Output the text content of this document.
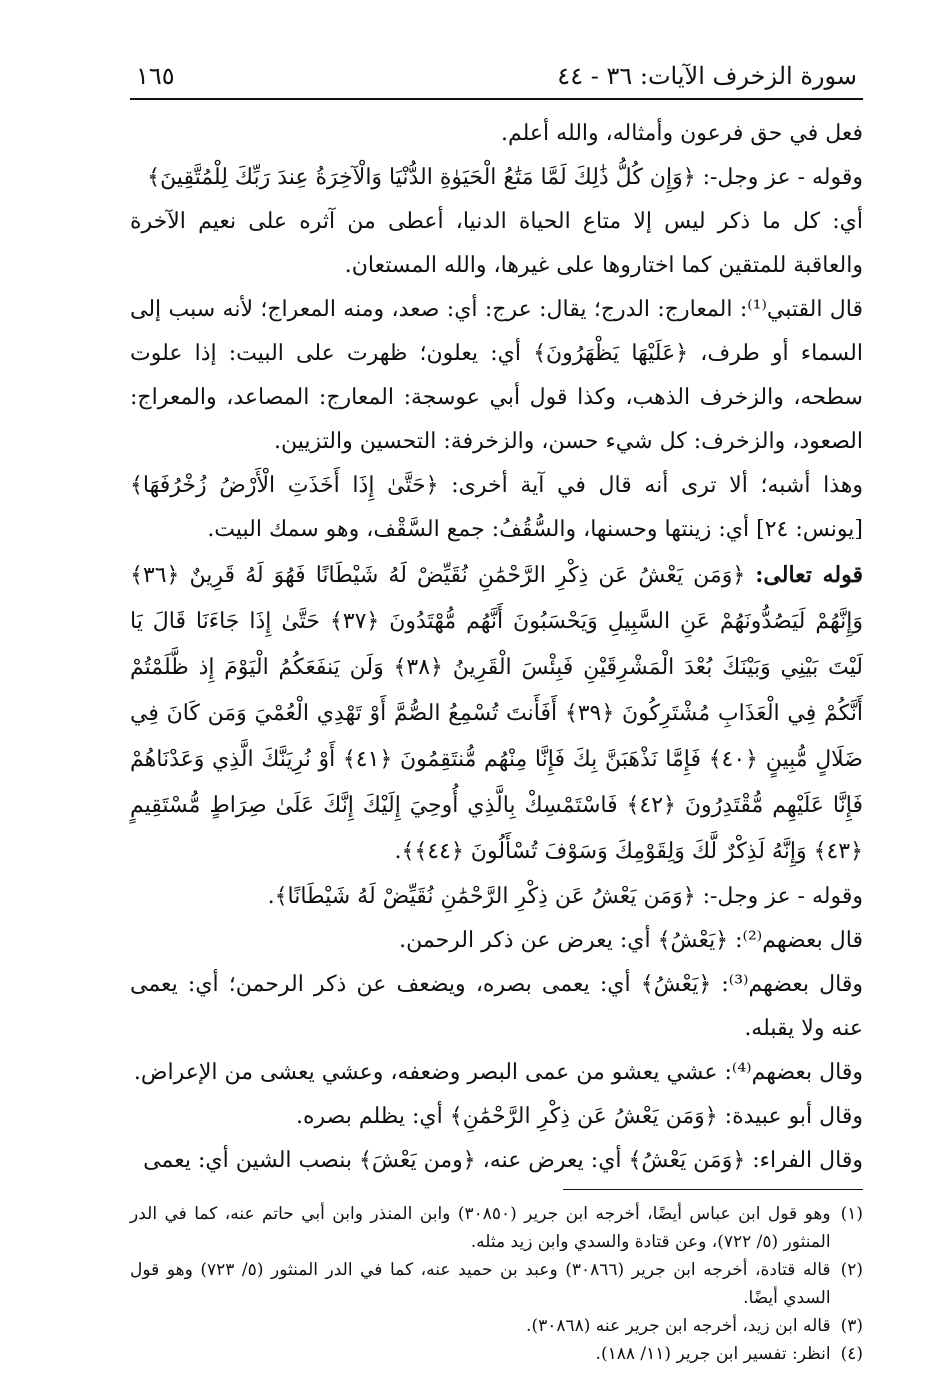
سورة الزخرف الآيات: ٣٦ - ٤٤
١٦٥

فعل في حق فرعون وأمثاله، والله أعلم.

وقوله - عز وجل-: ﴿وَإِن كُلُّ ذَٰلِكَ لَمَّا مَتَٰعُ الْحَيَوٰةِ الدُّنْيَا وَالْآخِرَةُ عِندَ رَبِّكَ لِلْمُتَّقِينَ﴾

أي: كل ما ذكر ليس إلا متاع الحياة الدنيا، أعطى من آثره على نعيم الآخرة والعاقبة للمتقين كما اختاروها على غيرها، والله المستعان.

قال القتبي⁽¹⁾: المعارج: الدرج؛ يقال: عرج: أي: صعد، ومنه المعراج؛ لأنه سبب إلى السماء أو طرف، ﴿عَلَيْهَا يَظْهَرُونَ﴾ أي: يعلون؛ ظهرت على البيت: إذا علوت سطحه، والزخرف الذهب، وكذا قول أبي عوسجة: المعارج: المصاعد، والمعراج: الصعود، والزخرف: كل شيء حسن، والزخرفة: التحسين والتزيين.

وهذا أشبه؛ ألا ترى أنه قال في آية أخرى: ﴿حَتَّىٰ إِذَا أَخَذَتِ الْأَرْضُ زُخْرُفَهَا﴾ [يونس: ٢٤] أي: زينتها وحسنها، والسُّقُفُ: جمع السَّقْف، وهو سمك البيت.

قوله تعالى: ﴿وَمَن يَعْشُ عَن ذِكْرِ الرَّحْمَٰنِ نُقَيِّضْ لَهُ شَيْطَانًا فَهُوَ لَهُ قَرِينٌ ﴿٣٦﴾ وَإِنَّهُمْ لَيَصُدُّونَهُمْ عَنِ السَّبِيلِ وَيَحْسَبُونَ أَنَّهُم مُّهْتَدُونَ ﴿٣٧﴾ حَتَّىٰ إِذَا جَاءَنَا قَالَ يَا لَيْتَ بَيْنِي وَبَيْنَكَ بُعْدَ الْمَشْرِقَيْنِ فَبِئْسَ الْقَرِينُ ﴿٣٨﴾ وَلَن يَنفَعَكُمُ الْيَوْمَ إِذ ظَّلَمْتُمْ أَنَّكُمْ فِي الْعَذَابِ مُشْتَرِكُونَ ﴿٣٩﴾ أَفَأَنتَ تُسْمِعُ الصُّمَّ أَوْ تَهْدِي الْعُمْيَ وَمَن كَانَ فِي ضَلَالٍ مُّبِينٍ ﴿٤٠﴾ فَإِمَّا نَذْهَبَنَّ بِكَ فَإِنَّا مِنْهُم مُّنتَقِمُونَ ﴿٤١﴾ أَوْ نُرِيَنَّكَ الَّذِي وَعَدْنَاهُمْ فَإِنَّا عَلَيْهِم مُّقْتَدِرُونَ ﴿٤٢﴾ فَاسْتَمْسِكْ بِالَّذِي أُوحِيَ إِلَيْكَ إِنَّكَ عَلَىٰ صِرَاطٍ مُّسْتَقِيمٍ ﴿٤٣﴾ وَإِنَّهُ لَذِكْرٌ لَّكَ وَلِقَوْمِكَ وَسَوْفَ تُسْأَلُونَ ﴿٤٤﴾﴾.

وقوله - عز وجل-: ﴿وَمَن يَعْشُ عَن ذِكْرِ الرَّحْمَٰنِ نُقَيِّضْ لَهُ شَيْطَانًا﴾.

قال بعضهم⁽²⁾: ﴿يَعْشُ﴾ أي: يعرض عن ذكر الرحمن.

وقال بعضهم⁽³⁾: ﴿يَعْشُ﴾ أي: يعمى بصره، ويضعف عن ذكر الرحمن؛ أي: يعمى عنه ولا يقبله.

وقال بعضهم⁽⁴⁾: عشي يعشو من عمى البصر وضعفه، وعشي يعشى من الإعراض.

وقال أبو عبيدة: ﴿وَمَن يَعْشُ عَن ذِكْرِ الرَّحْمَٰنِ﴾ أي: يظلم بصره.

وقال الفراء: ﴿وَمَن يَعْشُ﴾ أي: يعرض عنه، ﴿ومن يَعْشَ﴾ بنصب الشين أي: يعمى

(١)
وهو قول ابن عباس أيضًا، أخرجه ابن جرير (٣٠٨٥٠) وابن المنذر وابن أبي حاتم عنه، كما في الدر المنثور (٥/ ٧٢٢)، وعن قتادة والسدي وابن زيد مثله.

(٢)
قاله قتادة، أخرجه ابن جرير (٣٠٨٦٦) وعبد بن حميد عنه، كما في الدر المنثور (٥/ ٧٢٣) وهو قول السدي أيضًا.

(٣)
قاله ابن زيد، أخرجه ابن جرير عنه (٣٠٨٦٨).

(٤)
انظر: تفسير ابن جرير (١١/ ١٨٨).
